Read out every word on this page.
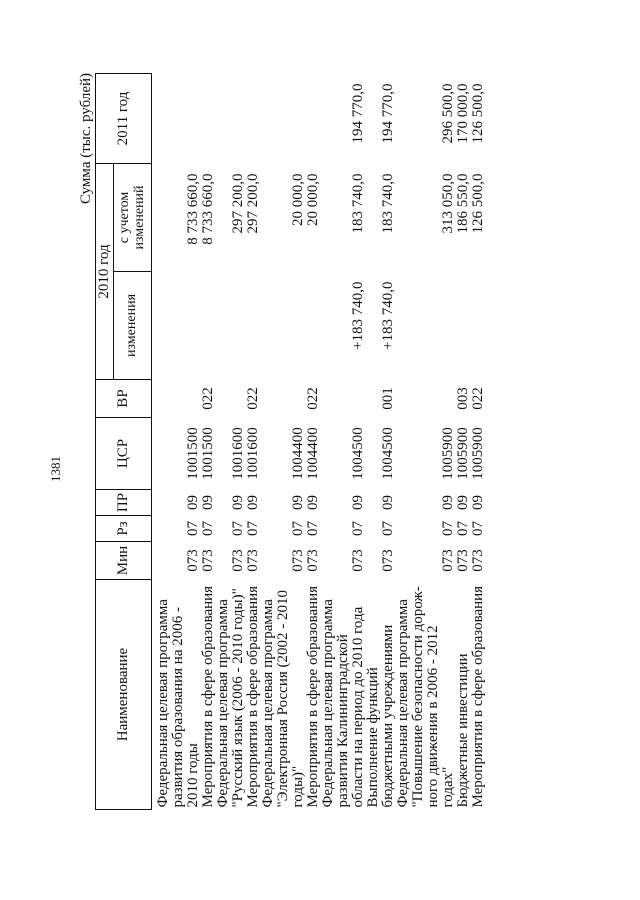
1381
Сумма (тыс. рублей)
Наименование	Мин	Рз	ПР	ЦСР	ВР	2010 год		2011 год
						изменения	с учетом изменений	
Федеральная целевая программа развития образования на 2006 - 2010 годы	073	07	09	1001500			8 733 660,0	
Мероприятия в сфере образования	073	07	09	1001500	022		8 733 660,0	
Федеральная целевая программа "Русский язык (2006 - 2010 годы)"	073	07	09	1001600			297 200,0	
Мероприятия в сфере образования	073	07	09	1001600	022		297 200,0	
Федеральная целевая программа "Электронная Россия (2002 - 2010 годы)"	073	07	09	1004400			20 000,0	
Мероприятия в сфере образования	073	07	09	1004400	022		20 000,0	
Федеральная целевая программа развития Калининградской области на период до 2010 года	073	07	09	1004500		+183 740,0	183 740,0	194 770,0
Выполнение функций бюджетными учреждениями	073	07	09	1004500	001	+183 740,0	183 740,0	194 770,0
Федеральная целевая программа "Повышение безопасности дорож-ного движения в 2006 - 2012 годах"	073	07	09	1005900			313 050,0	296 500,0
Бюджетные инвестиции	073	07	09	1005900	003		186 550,0	170 000,0
Мероприятия в сфере образования	073	07	09	1005900	022		126 500,0	126 500,0
